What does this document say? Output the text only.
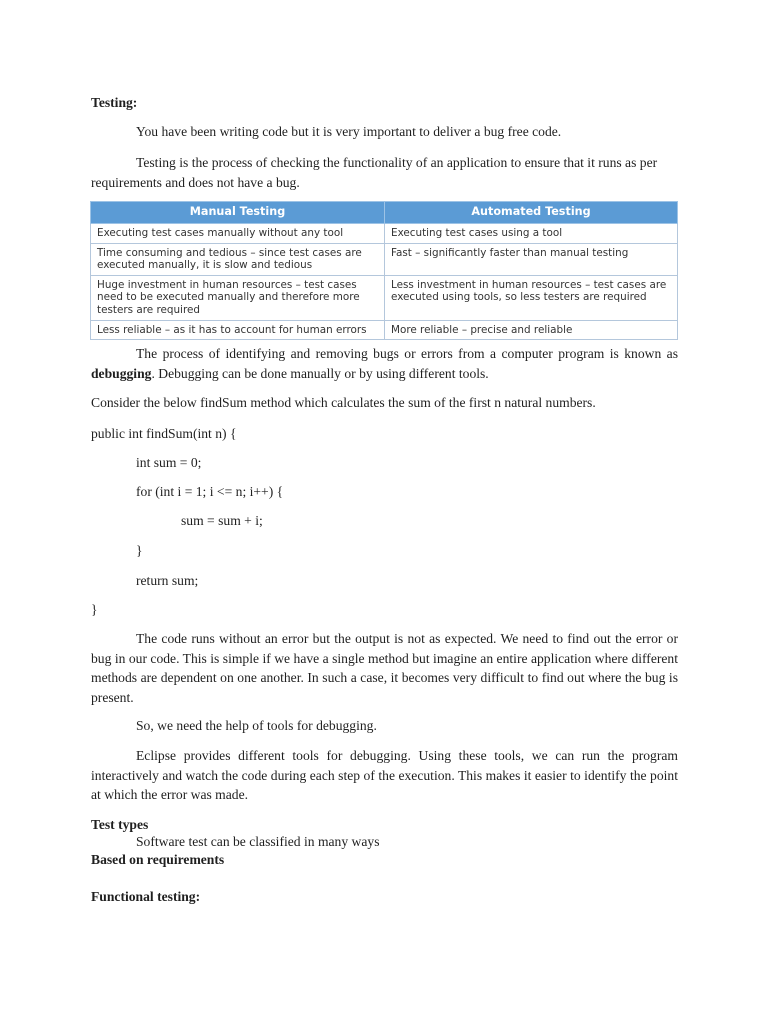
Testing:
You have been writing code but it is very important to deliver a bug free code.
Testing is the process of checking the functionality of an application to ensure that it runs as per requirements and does not have a bug.
Manual Testing	Automated Testing
Executing test cases manually without any tool	Executing test cases using a tool
Time consuming and tedious – since test cases are executed manually, it is slow and tedious	Fast – significantly faster than manual testing
Huge investment in human resources – test cases need to be executed manually and therefore more testers are required	Less investment in human resources – test cases are executed using tools, so less testers are required
Less reliable – as it has to account for human errors	More reliable – precise and reliable
The process of identifying and removing bugs or errors from a computer program is known as debugging. Debugging can be done manually or by using different tools.
Consider the below findSum method which calculates the sum of the first n natural numbers.
public int findSum(int n) {
int sum = 0;
for (int i = 1; i <= n; i++) {
sum = sum + i;
}
return sum;
}
The code runs without an error but the output is not as expected. We need to find out the error or bug in our code. This is simple if we have a single method but imagine an entire application where different methods are dependent on one another. In such a case, it becomes very difficult to find out where the bug is present.
So, we need the help of tools for debugging.
Eclipse provides different tools for debugging. Using these tools, we can run the program interactively and watch the code during each step of the execution. This makes it easier to identify the point at which the error was made.
Test types
Software test can be classified in many ways
Based on requirements
Functional testing:
